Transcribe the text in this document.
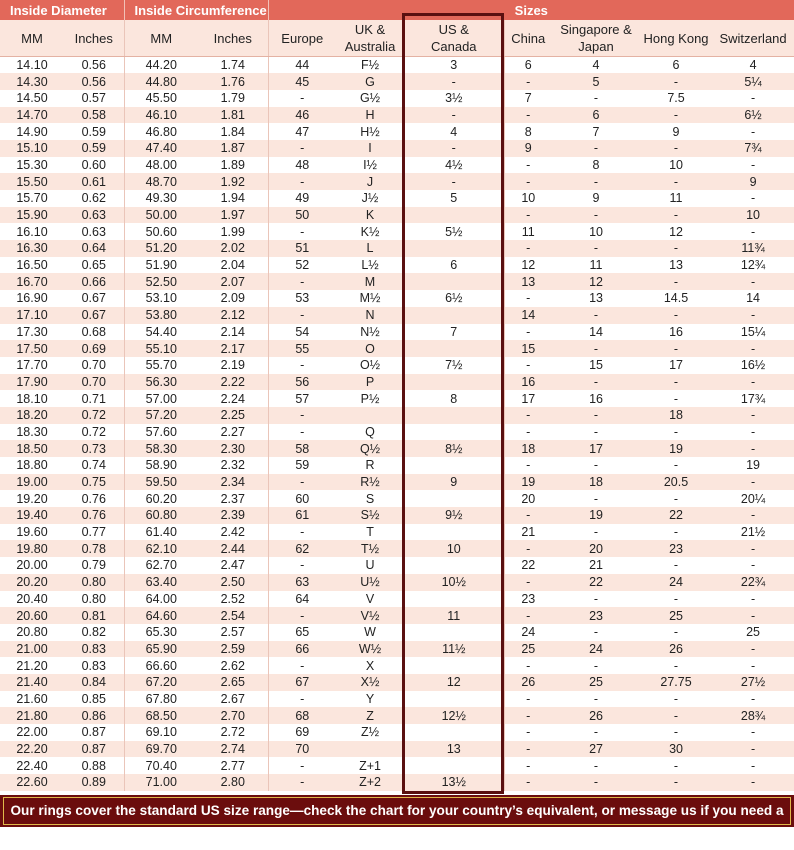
Inside Diameter		Inside Circumference		Sizes						
MM	Inches	MM	Inches	Europe	UK & Australia	US & Canada	China	Singapore & Japan	Hong Kong	Switzerland
14.10	0.56	44.20	1.74	44	F½	3	6	4	6	4
14.30	0.56	44.80	1.76	45	G	-	-	5	-	5¼
14.50	0.57	45.50	1.79	-	G½	3½	7	-	7.5	-
14.70	0.58	46.10	1.81	46	H	-	-	6	-	6½
14.90	0.59	46.80	1.84	47	H½	4	8	7	9	-
15.10	0.59	47.40	1.87	-	I	-	9	-	-	7¾
15.30	0.60	48.00	1.89	48	I½	4½	-	8	10	-
15.50	0.61	48.70	1.92	-	J	-	-	-	-	9
15.70	0.62	49.30	1.94	49	J½	5	10	9	11	-
15.90	0.63	50.00	1.97	50	K		-	-	-	10
16.10	0.63	50.60	1.99	-	K½	5½	11	10	12	-
16.30	0.64	51.20	2.02	51	L		-	-	-	11¾
16.50	0.65	51.90	2.04	52	L½	6	12	11	13	12¾
16.70	0.66	52.50	2.07	-	M		13	12	-	-
16.90	0.67	53.10	2.09	53	M½	6½	-	13	14.5	14
17.10	0.67	53.80	2.12	-	N		14	-	-	-
17.30	0.68	54.40	2.14	54	N½	7	-	14	16	15¼
17.50	0.69	55.10	2.17	55	O		15	-	-	-
17.70	0.70	55.70	2.19	-	O½	7½	-	15	17	16½
17.90	0.70	56.30	2.22	56	P		16	-	-	-
18.10	0.71	57.00	2.24	57	P½	8	17	16	-	17¾
18.20	0.72	57.20	2.25	-			-	-	18	-
18.30	0.72	57.60	2.27	-	Q		-	-	-	-
18.50	0.73	58.30	2.30	58	Q½	8½	18	17	19	-
18.80	0.74	58.90	2.32	59	R		-	-	-	19
19.00	0.75	59.50	2.34	-	R½	9	19	18	20.5	-
19.20	0.76	60.20	2.37	60	S		20	-	-	20¼
19.40	0.76	60.80	2.39	61	S½	9½	-	19	22	-
19.60	0.77	61.40	2.42	-	T		21	-	-	21½
19.80	0.78	62.10	2.44	62	T½	10	-	20	23	-
20.00	0.79	62.70	2.47	-	U		22	21	-	-
20.20	0.80	63.40	2.50	63	U½	10½	-	22	24	22¾
20.40	0.80	64.00	2.52	64	V		23	-	-	-
20.60	0.81	64.60	2.54	-	V½	11	-	23	25	-
20.80	0.82	65.30	2.57	65	W		24	-	-	25
21.00	0.83	65.90	2.59	66	W½	11½	25	24	26	-
21.20	0.83	66.60	2.62	-	X		-	-	-	-
21.40	0.84	67.20	2.65	67	X½	12	26	25	27.75	27½
21.60	0.85	67.80	2.67	-	Y		-	-	-	-
21.80	0.86	68.50	2.70	68	Z	12½	-	26	-	28¾
22.00	0.87	69.10	2.72	69	Z½		-	-	-	-
22.20	0.87	69.70	2.74	70		13	-	27	30	-
22.40	0.88	70.40	2.77	-	Z+1		-	-	-	-
22.60	0.89	71.00	2.80	-	Z+2	13½	-	-	-	-
Our rings cover the standard US size range—check the chart for your country’s equivalent, or message us if you need a different size.
